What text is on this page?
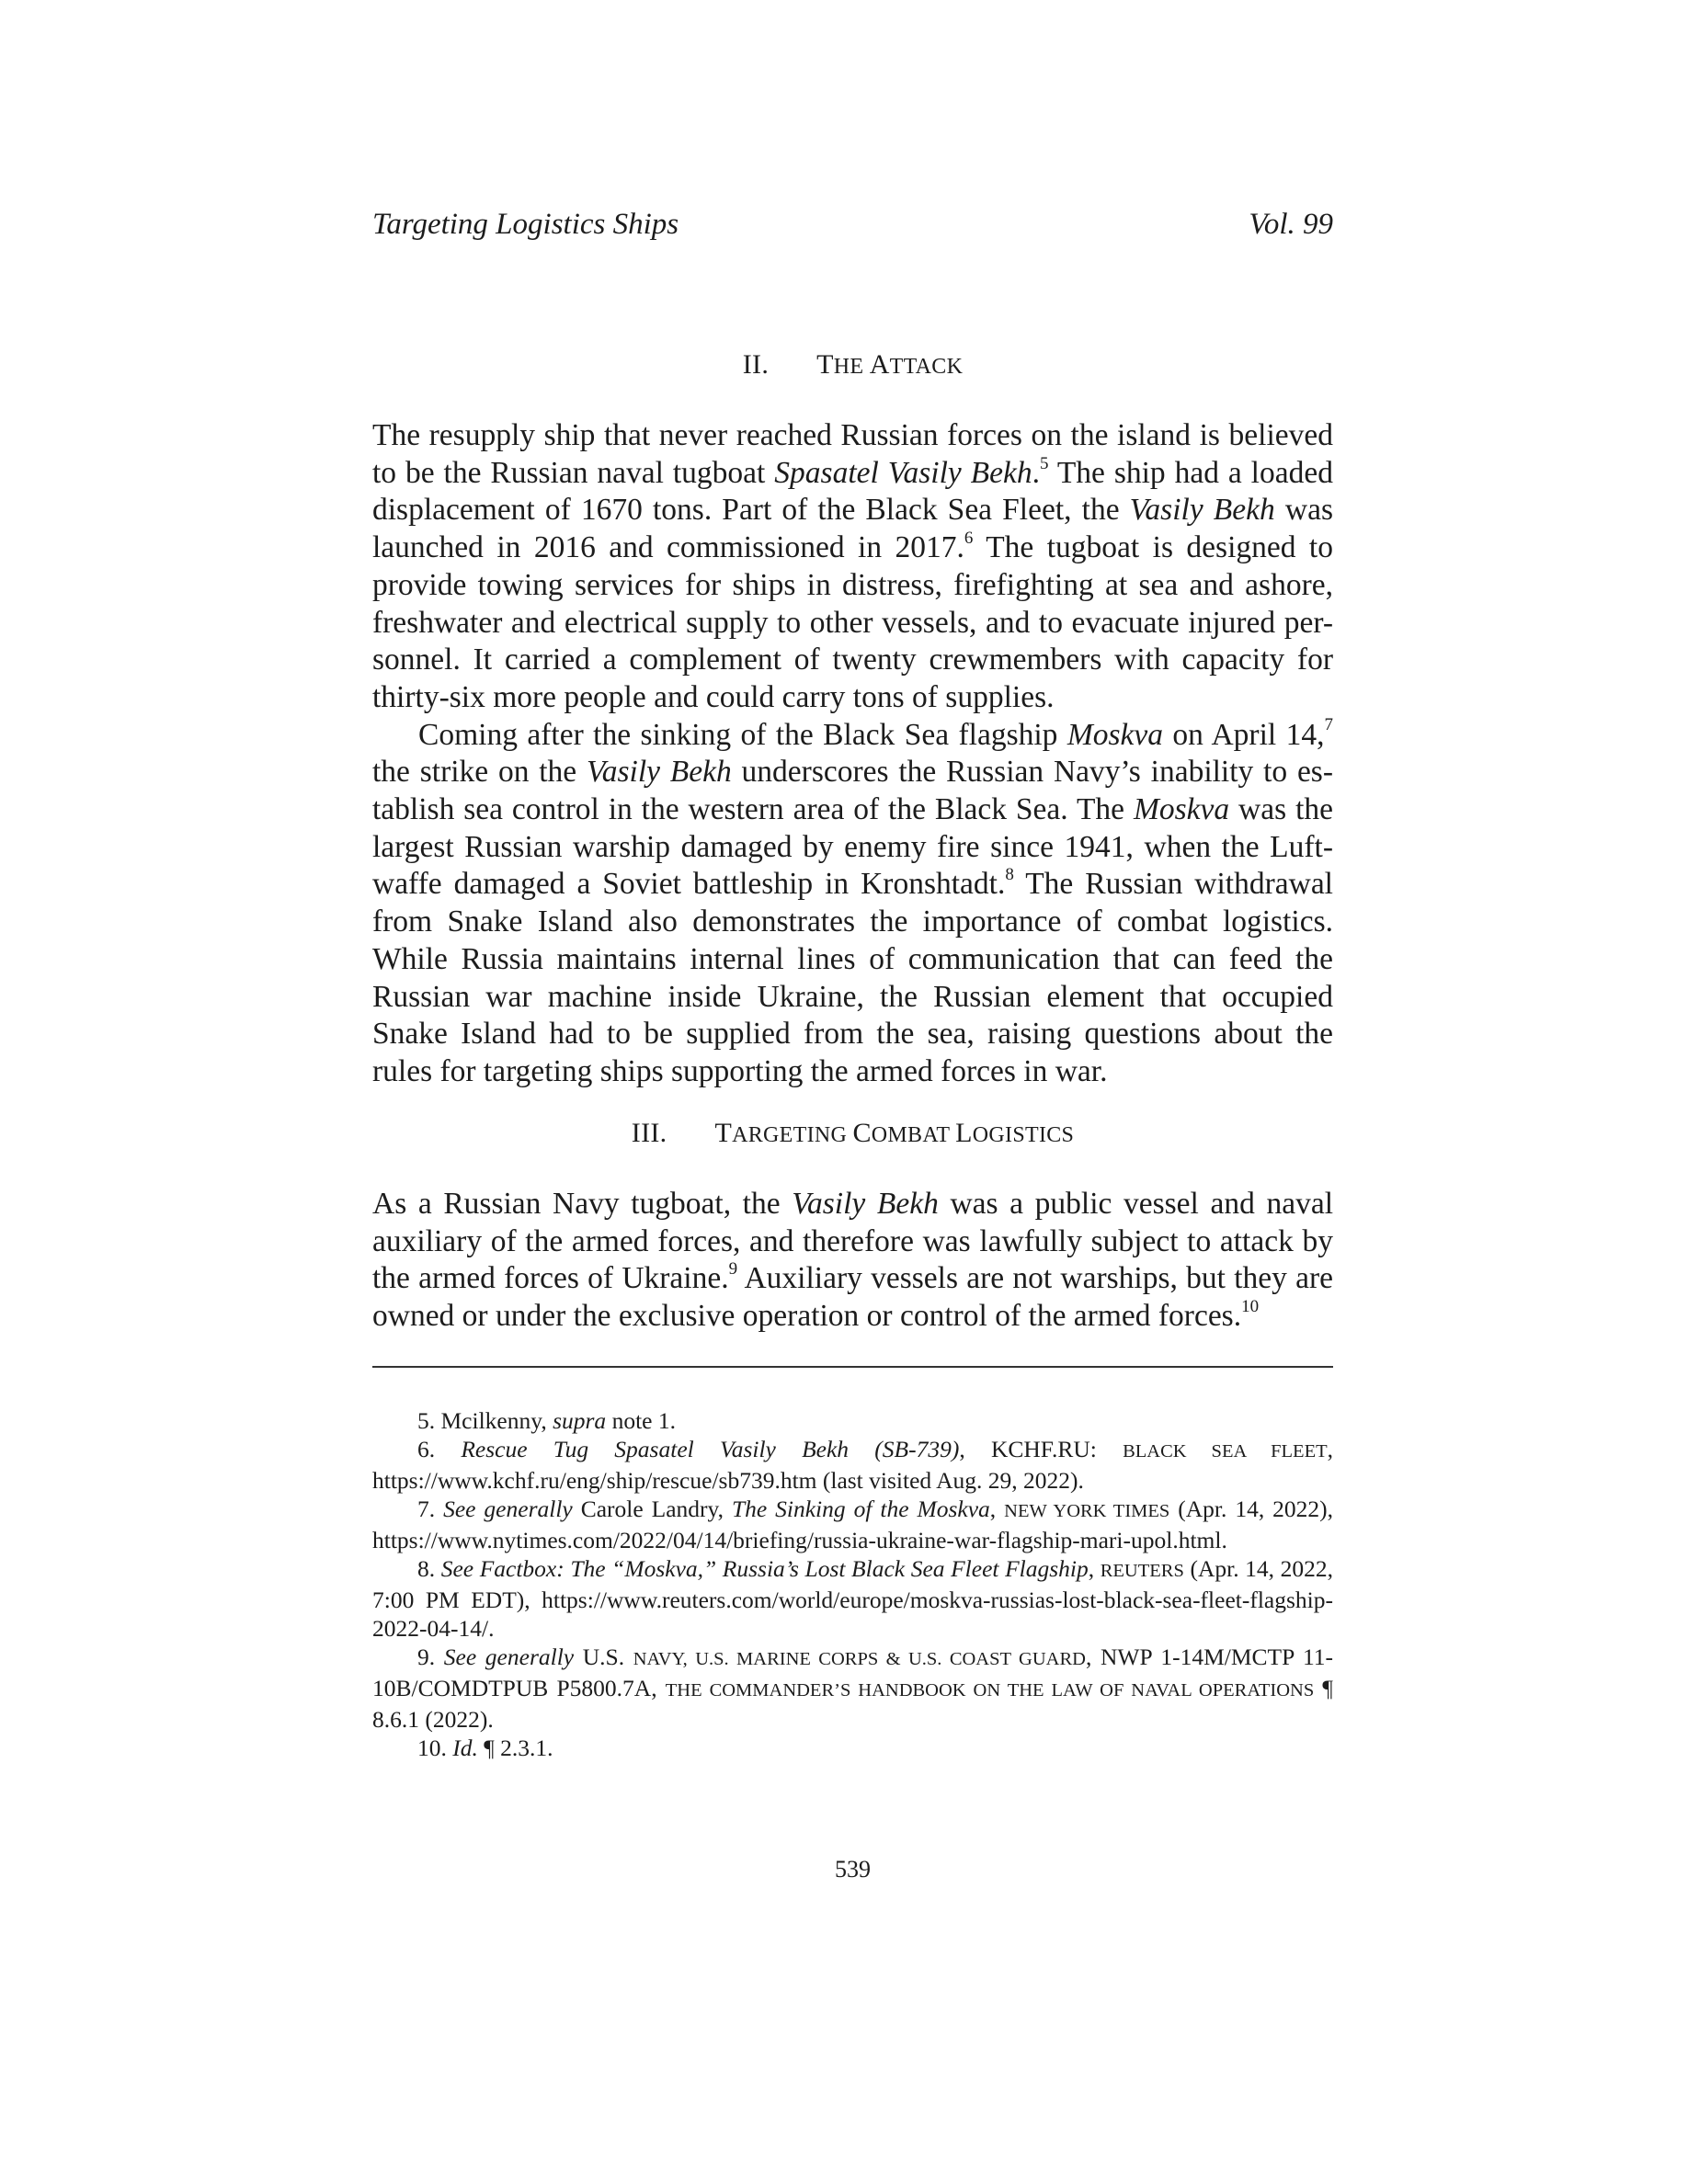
Targeting Logistics Ships	Vol. 99
II. THE ATTACK

The resupply ship that never reached Russian forces on the island is believed to be the Russian naval tugboat Spasatel Vasily Bekh.$^5$ The ship had a loaded displacement of 1670 tons. Part of the Black Sea Fleet, the Vasily Bekh was launched in 2016 and commissioned in 2017.$^6$ The tugboat is designed to provide towing services for ships in distress, firefighting at sea and ashore, freshwater and electrical supply to other vessels, and to evacuate injured per-sonnel. It carried a complement of twenty crewmembers with capacity for thirty-six more people and could carry tons of supplies.

Coming after the sinking of the Black Sea flagship Moskva on April 14,$^7$ the strike on the Vasily Bekh underscores the Russian Navy’s inability to es-tablish sea control in the western area of the Black Sea. The Moskva was the largest Russian warship damaged by enemy fire since 1941, when the Luft-waffe damaged a Soviet battleship in Kronshtadt.$^8$ The Russian withdrawal from Snake Island also demonstrates the importance of combat logistics. While Russia maintains internal lines of communication that can feed the Russian war machine inside Ukraine, the Russian element that occupied Snake Island had to be supplied from the sea, raising questions about the rules for targeting ships supporting the armed forces in war.

III. TARGETING COMBAT LOGISTICS

As a Russian Navy tugboat, the Vasily Bekh was a public vessel and naval auxiliary of the armed forces, and therefore was lawfully subject to attack by the armed forces of Ukraine.$^9$ Auxiliary vessels are not warships, but they are owned or under the exclusive operation or control of the armed forces.$^{10}$

5. Mcilkenny, supra note 1.

6. Rescue Tug Spasatel Vasily Bekh (SB-739), KCHF.RU: BLACK SEA FLEET, https://www.kchf.ru/eng/ship/rescue/sb739.htm (last visited Aug. 29, 2022).

7. See generally Carole Landry, The Sinking of the Moskva, NEW YORK TIMES (Apr. 14, 2022), https://www.nytimes.com/2022/04/14/briefing/russia-ukraine-war-flagship-mari-upol.html.

8. See Factbox: The “Moskva,” Russia’s Lost Black Sea Fleet Flagship, REUTERS (Apr. 14, 2022, 7:00 PM EDT), https://www.reuters.com/world/europe/moskva-russias-lost-black-sea-fleet-flagship-2022-04-14/.

9. See generally U.S. NAVY, U.S. MARINE CORPS & U.S. COAST GUARD, NWP 1-14M/MCTP 11-10B/COMDTPUB P5800.7A, THE COMMANDER’S HANDBOOK ON THE LAW OF NAVAL OPERATIONS ¶ 8.6.1 (2022).

10. Id. ¶ 2.3.1.

539
